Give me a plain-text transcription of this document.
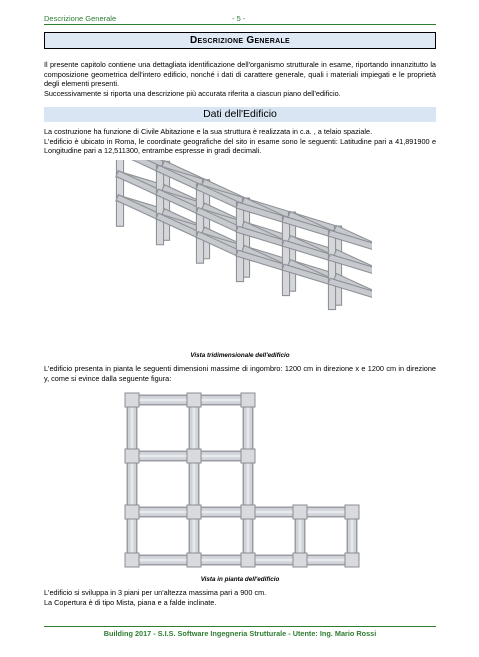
Descrizione Generale	- 5 -
Descrizione Generale
Il presente capitolo contiene una dettagliata identificazione dell'organismo strutturale in esame, riportando innanzitutto la composizione geometrica dell'intero edificio, nonché i dati di carattere generale, quali i materiali impiegati e le proprietà degli elementi presenti.
Successivamente si riporta una descrizione più accurata riferita a ciascun piano dell'edificio.
Dati dell'Edificio
La costruzione ha funzione di Civile Abitazione e la sua struttura è realizzata in c.a. , a telaio spaziale.
L'edificio è ubicato in Roma, le coordinate geografiche del sito in esame sono le seguenti: Latitudine pari a 41,891900 e Longitudine pari a 12,511300, entrambe espresse in gradi decimali.
Vista tridimensionale dell'edificio
L'edificio presenta in pianta le seguenti dimensioni massime di ingombro: 1200 cm in direzione x e 1200 cm in direzione y, come si evince dalla seguente figura:
Vista in pianta dell'edificio
L'edificio si sviluppa in 3 piani per un'altezza massima pari a 900 cm.
La Copertura è di tipo Mista, piana e a falde inclinate.
Building 2017 - S.I.S. Software Ingegneria Strutturale - Utente: Ing. Mario Rossi
